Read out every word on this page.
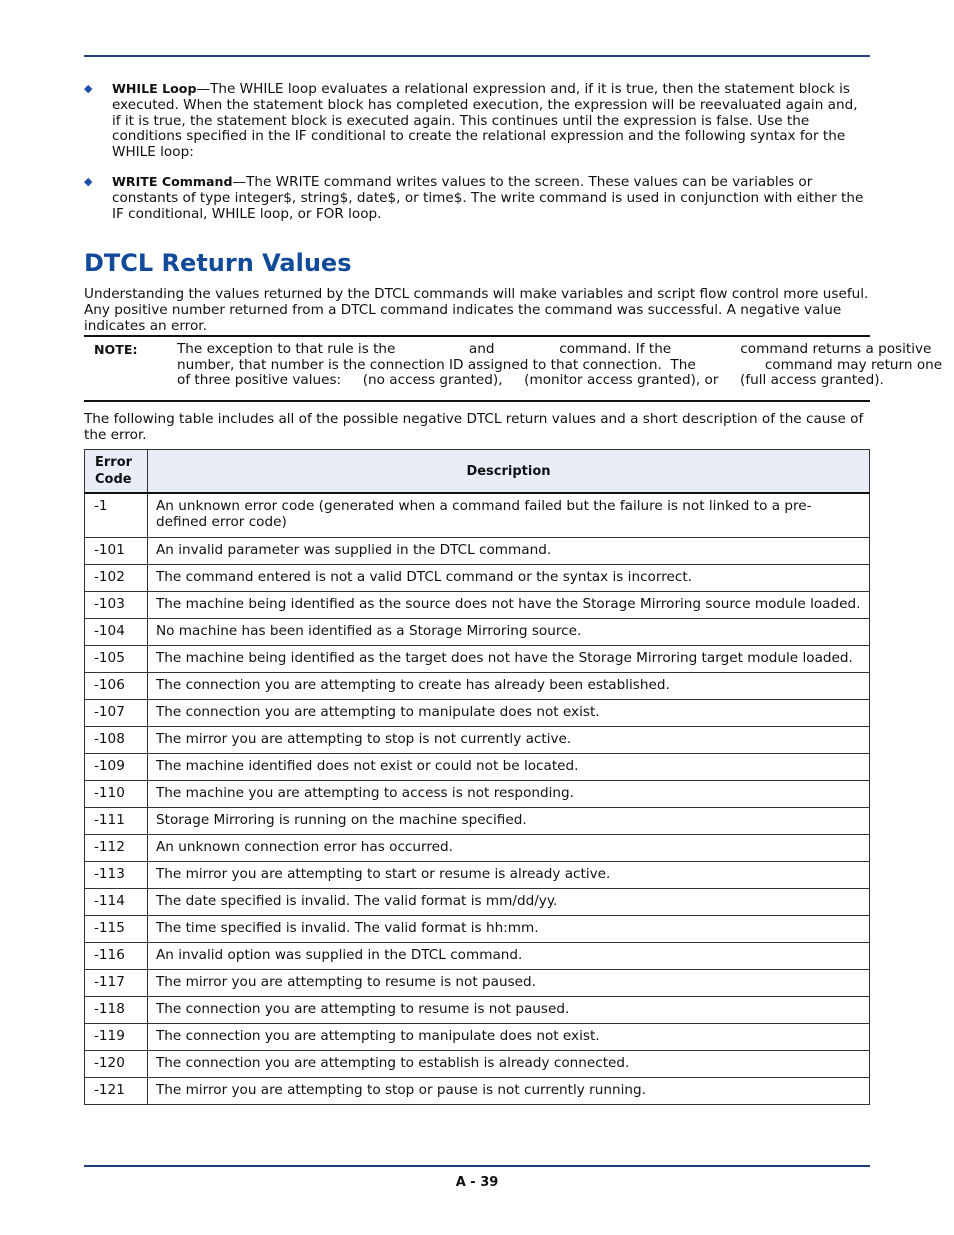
◆ WHILE Loop—The WHILE loop evaluates a relational expression and, if it is true, then the statement block is executed. When the statement block has completed execution, the expression will be reevaluated again and, if it is true, the statement block is executed again. This continues until the expression is false. Use the conditions specified in the IF conditional to create the relational expression and the following syntax for the WHILE loop:
◆ WRITE Command—The WRITE command writes values to the screen. These values can be variables or constants of type integer$, string$, date$, or time$. The write command is used in conjunction with either the IF conditional, WHILE loop, or FOR loop.
DTCL Return Values
Understanding the values returned by the DTCL commands will make variables and script flow control more useful. Any positive number returned from a DTCL command indicates the command was successful. A negative value indicates an error.
NOTE:	The exception to that rule is the                 and               command. If the                command returns a positive
number, that number is the connection ID assigned to that connection.  The                command may return one
of three positive values:     (no access granted),     (monitor access granted), or     (full access granted).
The following table includes all of the possible negative DTCL return values and a short description of the cause of the error.
Error
Code	Description
-1	An unknown error code (generated when a command failed but the failure is not linked to a pre-defined error code)
-101	An invalid parameter was supplied in the DTCL command.
-102	The command entered is not a valid DTCL command or the syntax is incorrect.
-103	The machine being identified as the source does not have the Storage Mirroring source module loaded.
-104	No machine has been identified as a Storage Mirroring source.
-105	The machine being identified as the target does not have the Storage Mirroring target module loaded.
-106	The connection you are attempting to create has already been established.
-107	The connection you are attempting to manipulate does not exist.
-108	The mirror you are attempting to stop is not currently active.
-109	The machine identified does not exist or could not be located.
-110	The machine you are attempting to access is not responding.
-111	Storage Mirroring is running on the machine specified.
-112	An unknown connection error has occurred.
-113	The mirror you are attempting to start or resume is already active.
-114	The date specified is invalid. The valid format is mm/dd/yy.
-115	The time specified is invalid. The valid format is hh:mm.
-116	An invalid option was supplied in the DTCL command.
-117	The mirror you are attempting to resume is not paused.
-118	The connection you are attempting to resume is not paused.
-119	The connection you are attempting to manipulate does not exist.
-120	The connection you are attempting to establish is already connected.
-121	The mirror you are attempting to stop or pause is not currently running.
A - 39
